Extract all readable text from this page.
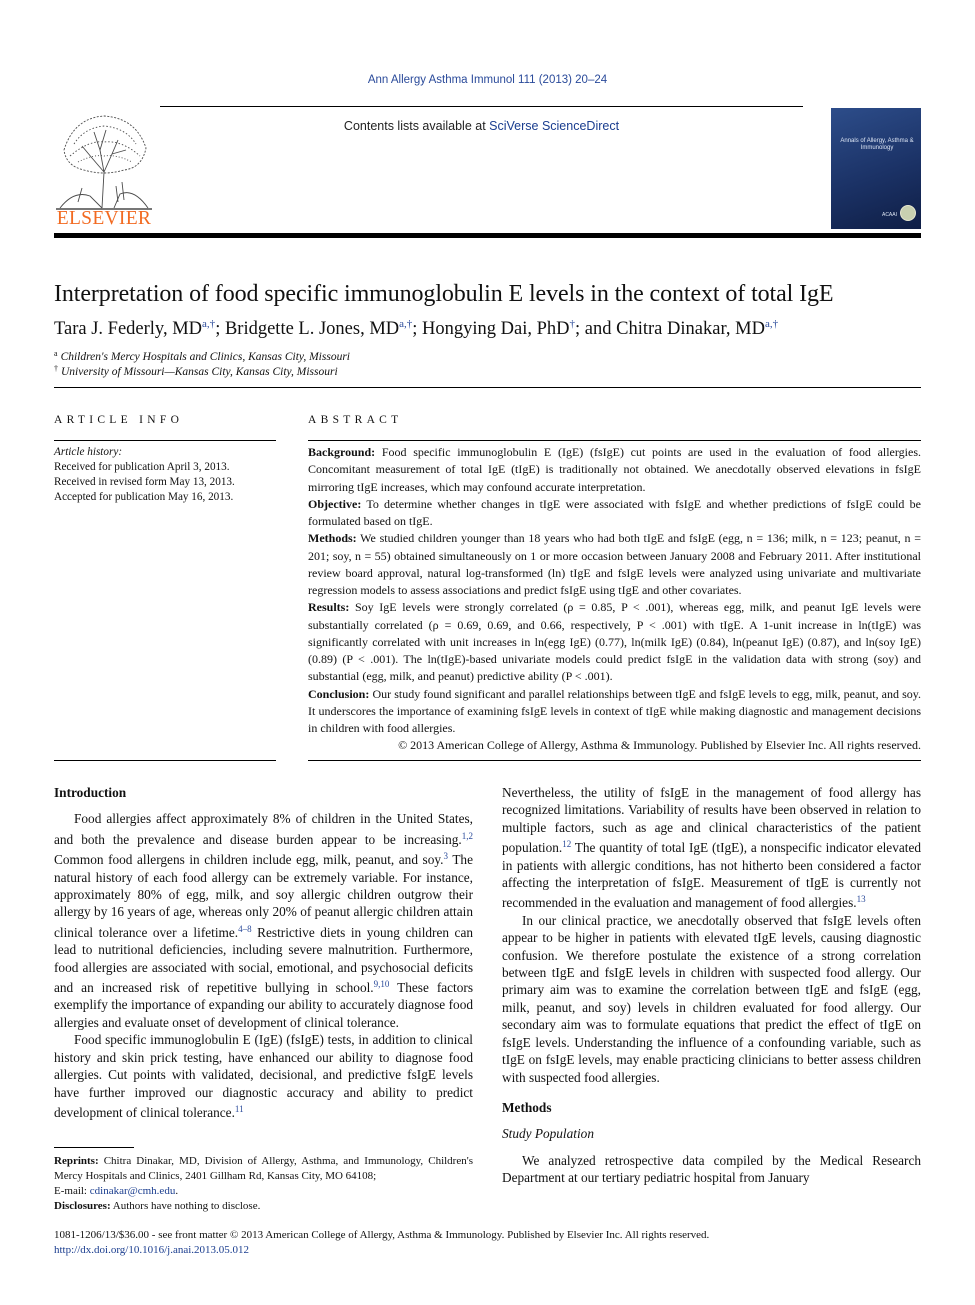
Ann Allergy Asthma Immunol 111 (2013) 20–24
Contents lists available at SciVerse ScienceDirect
ELSEVIER
Annals of Allergy, Asthma & Immunology
ACAAI
Interpretation of food specific immunoglobulin E levels in the context of total IgE
Tara J. Federly, $MD^{a,\dagger}$; Bridgette L. Jones, $MD^{a,\dagger}$; Hongying Dai, PhD†; and Chitra Dinakar, $MD^{a,\dagger}$
$^a$ Children's Mercy Hospitals and Clinics, Kansas City, Missouri
† University of Missouri—Kansas City, Kansas City, Missouri
ARTICLE INFO
Article history:
Received for publication April 3, 2013.
Received in revised form May 13, 2013.
Accepted for publication May 16, 2013.
ABSTRACT

Background: Food specific immunoglobulin E (IgE) (fsIgE) cut points are used in the evaluation of food allergies. Concomitant measurement of total IgE (tIgE) is traditionally not obtained. We anecdotally observed elevations in fsIgE mirroring tIgE increases, which may confound accurate interpretation.

Objective: To determine whether changes in tIgE were associated with fsIgE and whether predictions of fsIgE could be formulated based on tIgE.

Methods: We studied children younger than 18 years who had both tIgE and fsIgE (egg, n = 136; milk, n = 123; peanut, n = 201; soy, n = 55) obtained simultaneously on 1 or more occasion between January 2008 and February 2011. After institutional review board approval, natural log-transformed (ln) tIgE and fsIgE levels were analyzed using univariate and multivariate regression models to assess associations and predict fsIgE using tIgE and other covariates.

Results: Soy IgE levels were strongly correlated (ρ = 0.85, P < .001), whereas egg, milk, and peanut IgE levels were substantially correlated (ρ = 0.69, 0.69, and 0.66, respectively, P < .001) with tIgE. A 1-unit increase in ln(tIgE) was significantly correlated with unit increases in ln(egg IgE) (0.77), ln(milk IgE) (0.84), ln(peanut IgE) (0.87), and ln(soy IgE) (0.89) (P < .001). The ln(tIgE)-based univariate models could predict fsIgE in the validation data with strong (soy) and substantial (egg, milk, and peanut) predictive ability (P < .001).

Conclusion: Our study found significant and parallel relationships between tIgE and fsIgE levels to egg, milk, peanut, and soy. It underscores the importance of examining fsIgE levels in context of tIgE while making diagnostic and management decisions in children with food allergies.

© 2013 American College of Allergy, Asthma & Immunology. Published by Elsevier Inc. All rights reserved.

Introduction

Food allergies affect approximately 8% of children in the United States, and both the prevalence and disease burden appear to be increasing.$^{1,2}$ Common food allergens in children include egg, milk, peanut, and soy.$^3$ The natural history of each food allergy can be extremely variable. For instance, approximately 80% of egg, milk, and soy allergic children outgrow their allergy by 16 years of age, whereas only 20% of peanut allergic children attain clinical tolerance over a lifetime.$^{4-8}$ Restrictive diets in young children can lead to nutritional deficiencies, including severe malnutrition. Furthermore, food allergies are associated with social, emotional, and psychosocial deficits and an increased risk of repetitive bullying in school.$^{9,10}$ These factors exemplify the importance of expanding our ability to accurately diagnose food allergies and evaluate onset of development of clinical tolerance.

Food specific immunoglobulin E (IgE) (fsIgE) tests, in addition to clinical history and skin prick testing, have enhanced our ability to diagnose food allergies. Cut points with validated, decisional, and predictive fsIgE levels have further improved our diagnostic accuracy and ability to predict development of clinical tolerance.$^{11}$

Reprints: Chitra Dinakar, MD, Division of Allergy, Asthma, and Immunology, Children's Mercy Hospitals and Clinics, 2401 Gillham Rd, Kansas City, MO 64108;
E-mail: cdinakar@cmh.edu.
Disclosures: Authors have nothing to disclose.

Nevertheless, the utility of fsIgE in the management of food allergy has recognized limitations. Variability of results have been observed in relation to multiple factors, such as age and clinical characteristics of the patient population.$^{12}$ The quantity of total IgE (tIgE), a nonspecific indicator elevated in patients with allergic conditions, has not hitherto been considered a factor affecting the interpretation of fsIgE. Measurement of tIgE is currently not recommended in the evaluation and management of food allergies.$^{13}$

In our clinical practice, we anecdotally observed that fsIgE levels often appear to be higher in patients with elevated tIgE levels, causing diagnostic confusion. We therefore postulate the existence of a strong correlation between tIgE and fsIgE levels in children with suspected food allergy. Our primary aim was to examine the correlation between tIgE and fsIgE (egg, milk, peanut, and soy) levels in children evaluated for food allergy. Our secondary aim was to formulate equations that predict the effect of tIgE on fsIgE levels. Understanding the influence of a confounding variable, such as tIgE on fsIgE levels, may enable practicing clinicians to better assess children with suspected food allergies.

Methods
Study Population

We analyzed retrospective data compiled by the Medical Research Department at our tertiary pediatric hospital from January

1081-1206/13/$36.00 - see front matter © 2013 American College of Allergy, Asthma & Immunology. Published by Elsevier Inc. All rights reserved.
http://dx.doi.org/10.1016/j.anai.2013.05.012
